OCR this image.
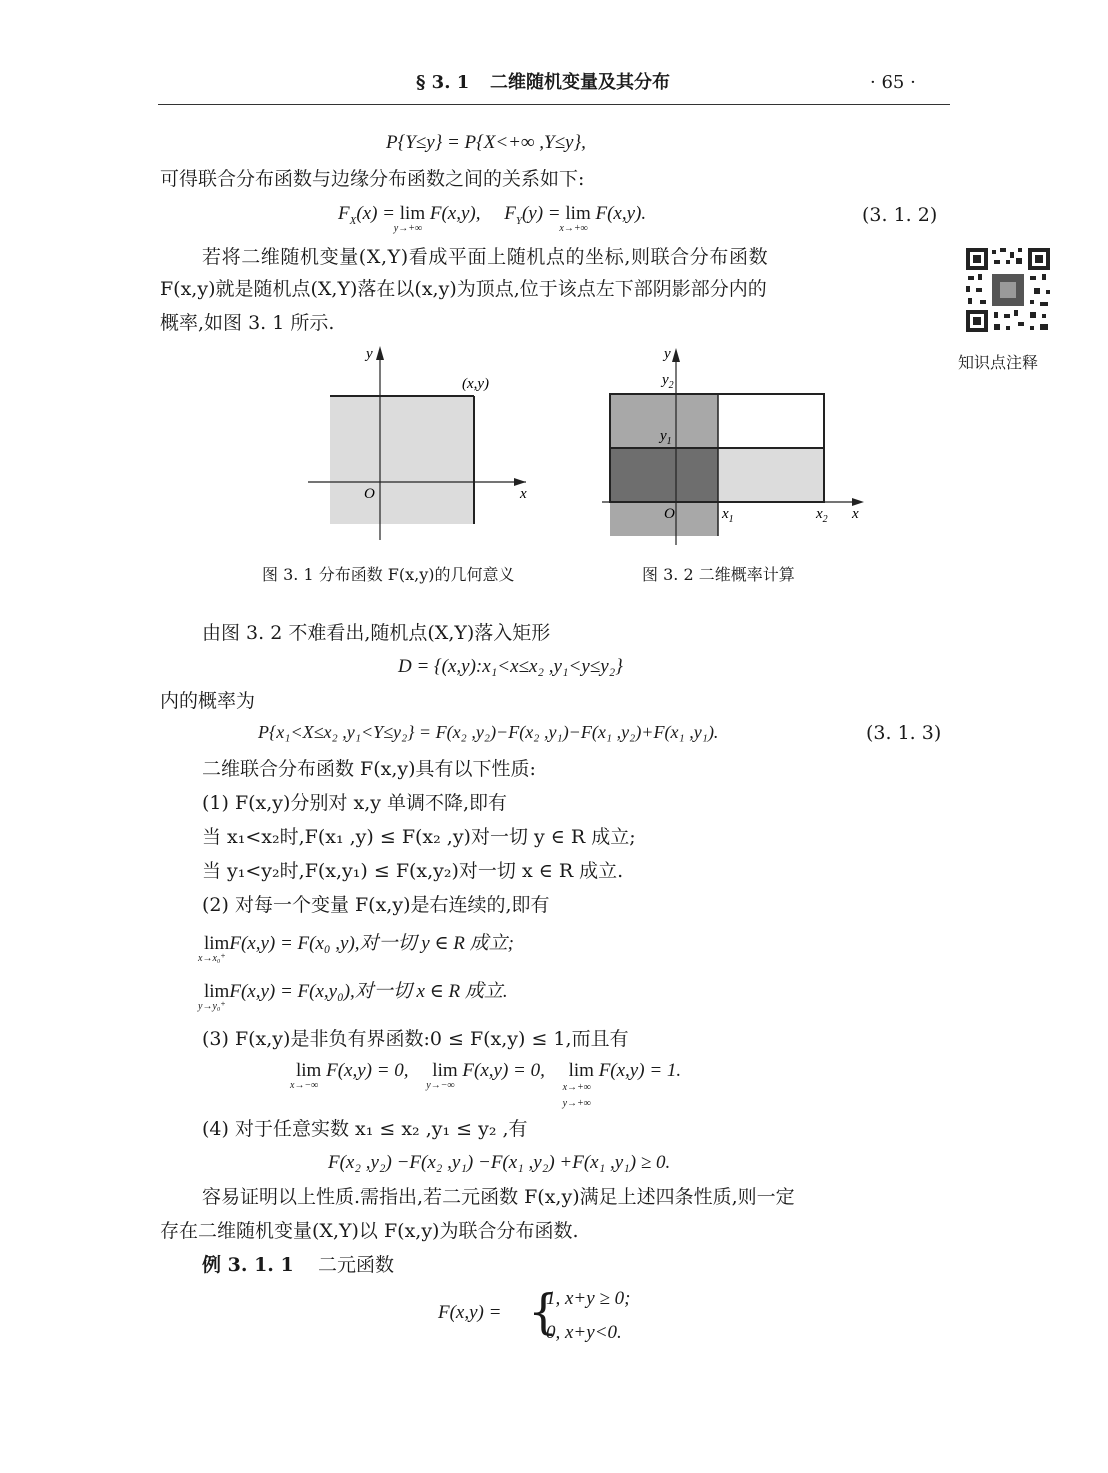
§ 3. 1 二维随机变量及其分布	· 65 ·
P{Y≤y} = P{X<+∞ ,Y≤y},
可得联合分布函数与边缘分布函数之间的关系如下:
$F_X(x) = \lim$
y→+∞
F(x,y),     $F_Y(y) = \lim$
x→+∞
F(x,y).	(3. 1. 2)
若将二维随机变量(X,Y)看成平面上随机点的坐标,则联合分布函数
F(x,y)就是随机点(X,Y)落在以(x,y)为顶点,位于该点左下部阴影部分内的
概率,如图 3. 1 所示.
知识点注释
y
x
O
(x,y)
y
$y_2$
$y_1$
O	$x_1$	$x_2$ x
图 3. 1 分布函数 F(x,y)的几何意义	图 3. 2 二维概率计算
由图 3. 2 不难看出,随机点(X,Y)落入矩形
D = {(x,y):x₁<x≤x₂ ,y₁<y≤y₂}
内的概率为
P{x₁<X≤x₂ ,y₁<Y≤y₂} = F(x₂ ,y₂)−F(x₂ ,y₁)−F(x₁ ,y₂)+F(x₁ ,y₁).	(3. 1. 3)
二维联合分布函数 F(x,y)具有以下性质:
(1) F(x,y)分别对 x,y 单调不降,即有
当 x₁<x₂时,F(x₁ ,y) ≤ F(x₂ ,y)对一切 y ∈ R 成立;
当 y₁<y₂时,F(x,y₁) ≤ F(x,y₂)对一切 x ∈ R 成立.
(2) 对每一个变量 F(x,y)是右连续的,即有
lim
x→x₀⁺
F(x,y) = F(x₀ ,y),对一切 y ∈ R 成立;
lim
y→y₀⁺
F(x,y) = F(x,y₀),对一切 x ∈ R 成立.
(3) F(x,y)是非负有界函数:0 ≤ F(x,y) ≤ 1,而且有
lim
x→−∞
F(x,y) = 0, lim
y→−∞
F(x,y) = 0, lim
x→+∞
y→+∞
F(x,y) = 1.
(4) 对于任意实数 x₁ ≤ x₂ ,y₁ ≤ y₂ ,有
F(x₂ ,y₂) −F(x₂ ,y₁) −F(x₁ ,y₂) +F(x₁ ,y₁) ≥ 0.
容易证明以上性质.需指出,若二元函数 F(x,y)满足上述四条性质,则一定
存在二维随机变量(X,Y)以 F(x,y)为联合分布函数.
例 3. 1. 1 二元函数
F(x,y) = {
1, x+y ≥ 0;
0, x+y<0.
